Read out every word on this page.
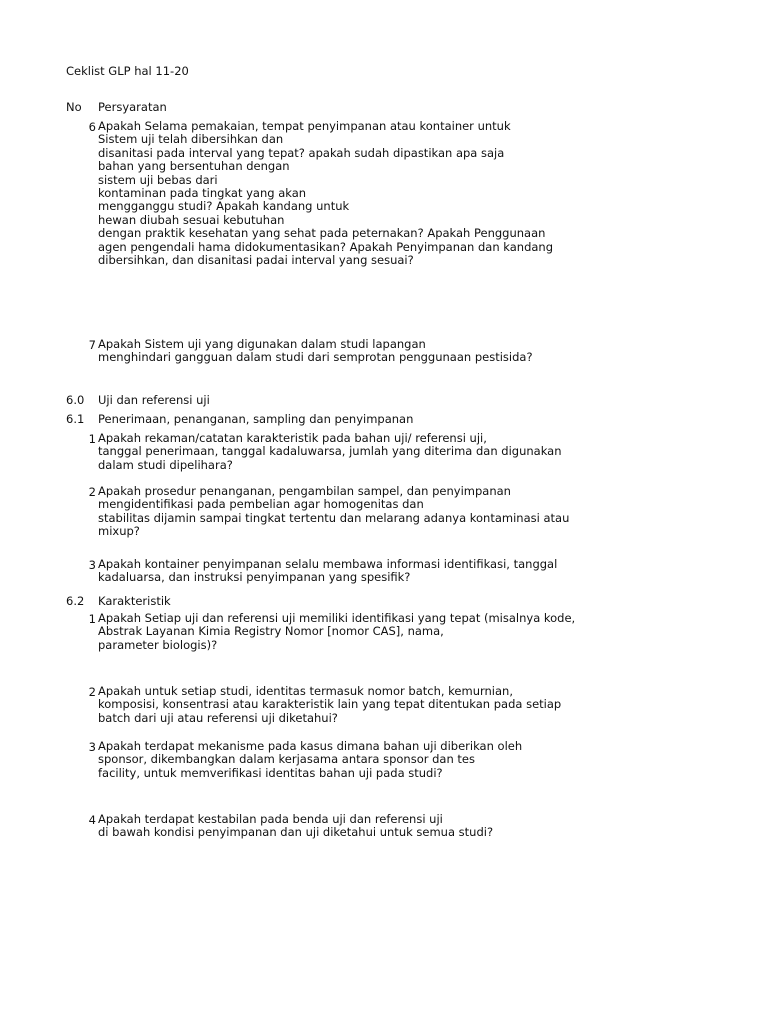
Ceklist GLP hal 11-20
No Persyaratan
6 Apakah Selama pemakaian, tempat penyimpanan atau kontainer untuk
Sistem uji telah dibersihkan dan
disanitasi pada interval yang tepat? apakah sudah dipastikan apa saja
bahan yang bersentuhan dengan
sistem uji bebas dari
kontaminan pada tingkat yang akan
mengganggu studi? Apakah kandang untuk
hewan diubah sesuai kebutuhan
dengan praktik kesehatan yang sehat pada peternakan? Apakah Penggunaan
agen pengendali hama didokumentasikan? Apakah Penyimpanan dan kandang
dibersihkan, dan disanitasi padai interval yang sesuai?
7 Apakah Sistem uji yang digunakan dalam studi lapangan
menghindari gangguan dalam studi dari semprotan penggunaan pestisida?
6.0 Uji dan referensi uji
6.1 Penerimaan, penanganan, sampling dan penyimpanan
1 Apakah rekaman/catatan karakteristik pada bahan uji/ referensi uji,
tanggal penerimaan, tanggal kadaluwarsa, jumlah yang diterima dan digunakan
dalam studi dipelihara?
2 Apakah prosedur penanganan, pengambilan sampel, dan penyimpanan
mengidentifikasi pada pembelian agar homogenitas dan
stabilitas dijamin sampai tingkat tertentu dan melarang adanya kontaminasi atau
mixup?
3 Apakah kontainer penyimpanan selalu membawa informasi identifikasi, tanggal
kadaluarsa, dan instruksi penyimpanan yang spesifik?
6.2 Karakteristik
1 Apakah Setiap uji dan referensi uji memiliki identifikasi yang tepat (misalnya kode,
Abstrak Layanan Kimia Registry Nomor [nomor CAS], nama,
parameter biologis)?
2 Apakah untuk setiap studi, identitas termasuk nomor batch, kemurnian,
komposisi, konsentrasi atau karakteristik lain yang tepat ditentukan pada setiap
batch dari uji atau referensi uji diketahui?
3 Apakah terdapat mekanisme pada kasus dimana bahan uji diberikan oleh
sponsor, dikembangkan dalam kerjasama antara sponsor dan tes
facility, untuk memverifikasi identitas bahan uji pada studi?
4 Apakah terdapat kestabilan pada benda uji dan referensi uji
di bawah kondisi penyimpanan dan uji diketahui untuk semua studi?
